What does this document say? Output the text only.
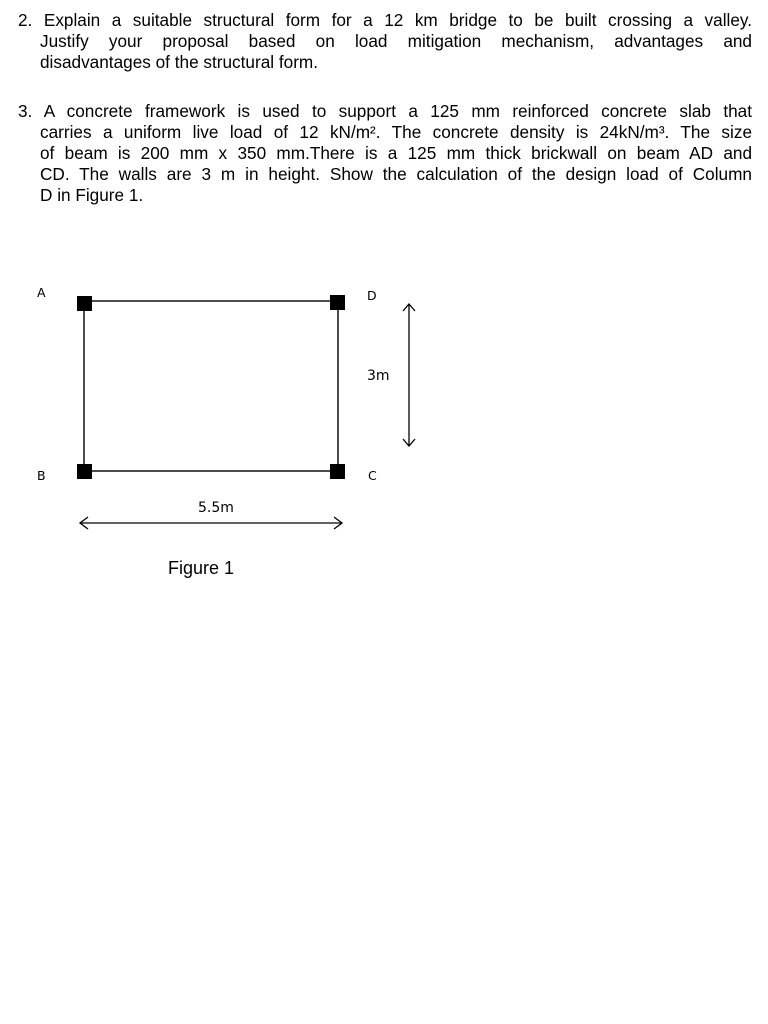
2. Explain a suitable structural form for a 12 km bridge to be built crossing a valley.
Justify your proposal based on load mitigation mechanism, advantages and
disadvantages of the structural form.
3. A concrete framework is used to support a 125 mm reinforced concrete slab that
carries a uniform live load of 12 kN/m². The concrete density is 24kN/m³. The size
of beam is 200 mm x 350 mm.There is a 125 mm thick brickwall on beam AD and
CD. The walls are 3 m in height. Show the calculation of the design load of Column
D in Figure 1.
A	D
B	C
3m
5.5m
Figure 1
